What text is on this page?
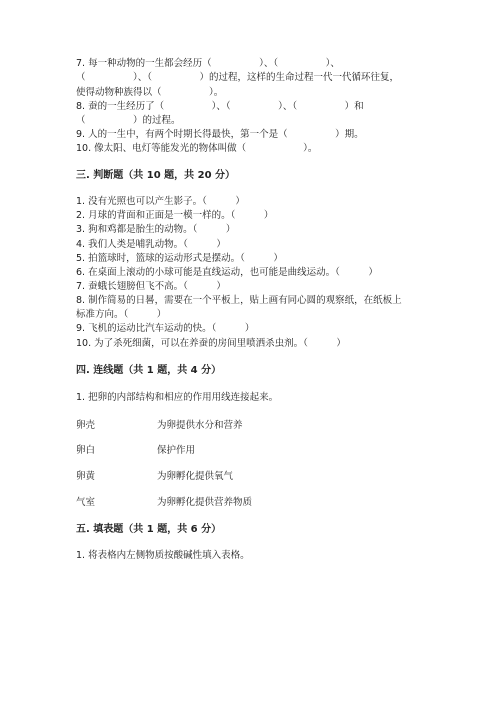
7. 每一种动物的一生都会经历（　　　　　）、（　　　　　）、
（　　　　　）、（　　　　　）的过程，这样的生命过程一代一代循环往复，
使得动物种族得以（　　　　　）。
8. 蚕的一生经历了（　　　　　）、（　　　　　）、（　　　　　）和
（　　　　　）的过程。
9. 人的一生中，有两个时期长得最快，第一个是（　　　　　）期。
10. 像太阳、电灯等能发光的物体叫做（　　　　　　）。
三. 判断题（共 10 题，共 20 分）
1. 没有光照也可以产生影子。（　　　）
2. 月球的背面和正面是一模一样的。（　　　）
3. 狗和鸡都是胎生的动物。（　　　）
4. 我们人类是哺乳动物。（　　　）
5. 拍篮球时，篮球的运动形式是摆动。（　　　）
6. 在桌面上滚动的小球可能是直线运动，也可能是曲线运动。（　　　）
7. 蚕蛾长翅膀但飞不高。（　　　）
8. 制作简易的日晷，需要在一个平板上，贴上画有同心圆的观察纸，在纸板上
标准方向。（　　　）
9. 飞机的运动比汽车运动的快。（　　　）
10. 为了杀死细菌，可以在养蚕的房间里喷洒杀虫剂。（　　　）
四. 连线题（共 1 题，共 4 分）
1. 把卵的内部结构和相应的作用用线连接起来。
卵壳	为卵提供水分和营养
卵白	保护作用
卵黄	为卵孵化提供氧气
气室	为卵孵化提供营养物质
五. 填表题（共 1 题，共 6 分）
1. 将表格内左侧物质按酸碱性填入表格。
